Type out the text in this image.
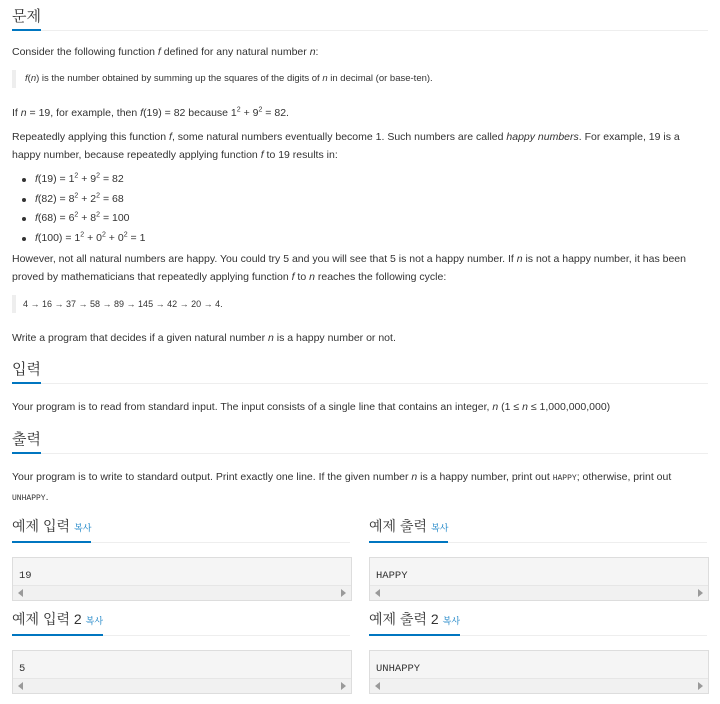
문제

Consider the following function f defined for any natural number n:

f(n) is the number obtained by summing up the squares of the digits of n in decimal (or base-ten).

If n = 19, for example, then f(19) = 82 because $1^2 + 9^2 = 82$.

Repeatedly applying this function f, some natural numbers eventually become 1. Such numbers are called happy numbers. For example, 19 is a happy number, because repeatedly applying function f to 19 results in:

$f(19) = 1^2 + 9^2 = 82$
$f(82) = 8^2 + 2^2 = 68$
$f(68) = 6^2 + 8^2 = 100$
$f(100) = 1^2 + 0^2 + 0^2 = 1$

However, not all natural numbers are happy. You could try 5 and you will see that 5 is not a happy number. If n is not a happy number, it has been proved by mathematicians that repeatedly applying function f to n reaches the following cycle:

4 → 16 → 37 → 58 → 89 → 145 → 42 → 20 → 4.

Write a program that decides if a given natural number n is a happy number or not.

입력

Your program is to read from standard input. The input consists of a single line that contains an integer, n (1 ≤ n ≤ 1,000,000,000)

출력

Your program is to write to standard output. Print exactly one line. If the given number n is a happy number, print out HAPPY; otherwise, print out
UNHAPPY.

예제 입력 복사	예제 출력 복사
19	HAPPY
예제 입력 2 복사	예제 출력 2 복사
5	UNHAPPY
